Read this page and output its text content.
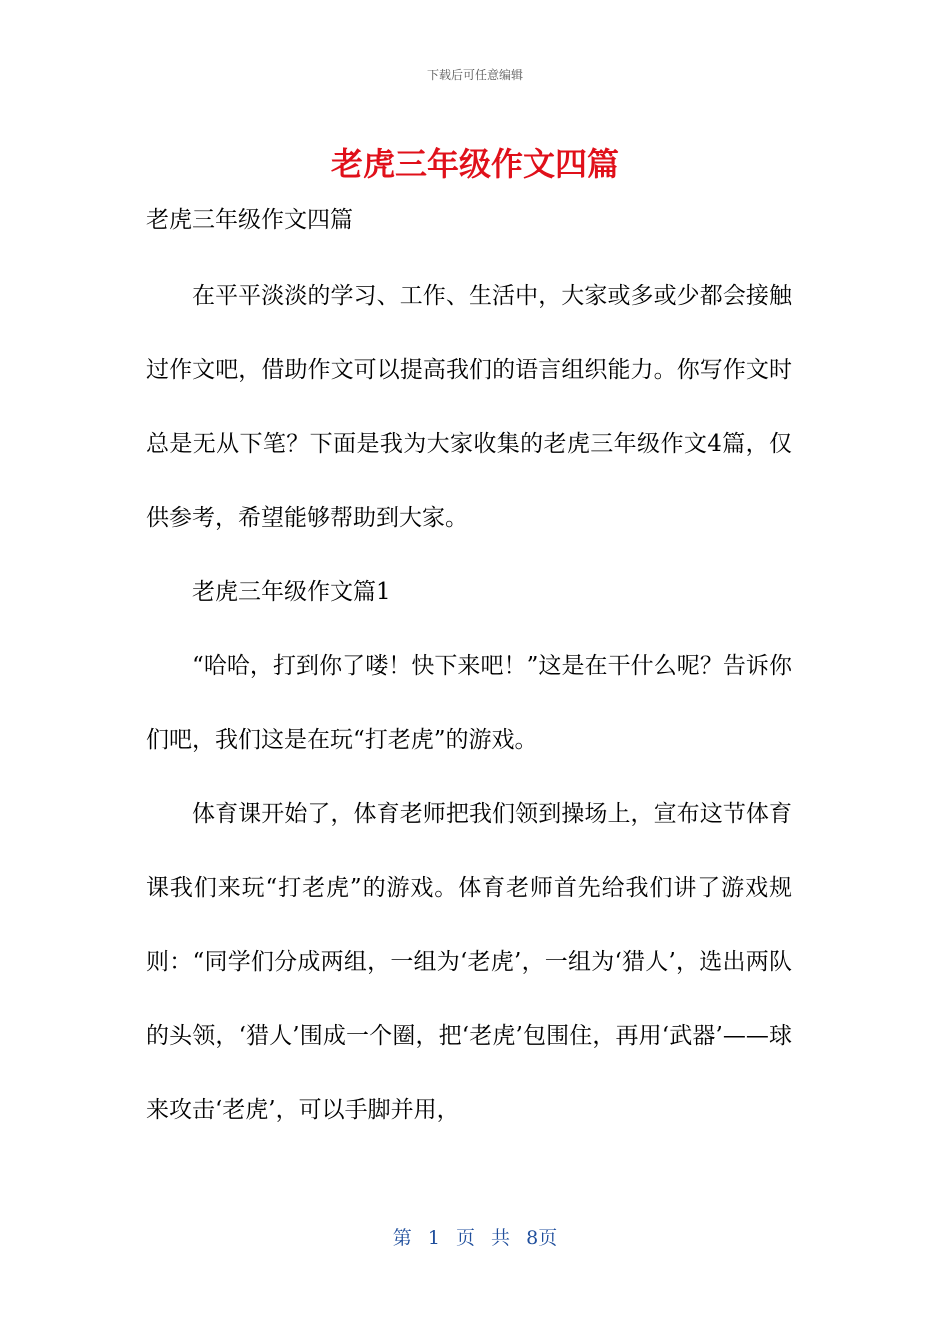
下载后可任意编辑
老虎三年级作文四篇
老虎三年级作文四篇

在平平淡淡的学习、工作、生活中，大家或多或少都会接触过作文吧，借助作文可以提高我们的语言组织能力。你写作文时总是无从下笔？下面是我为大家收集的老虎三年级作文4篇，仅供参考，希望能够帮助到大家。

老虎三年级作文篇1

“哈哈，打到你了喽！快下来吧！”这是在干什么呢？告诉你们吧，我们这是在玩“打老虎”的游戏。

体育课开始了，体育老师把我们领到操场上，宣布这节体育课我们来玩“打老虎”的游戏。体育老师首先给我们讲了游戏规则：“同学们分成两组，一组为‘老虎’，一组为‘猎人’，选出两队的头领，‘猎人’围成一个圈，把‘老虎’包围住，再用‘武器’——球来攻击‘老虎’，可以手脚并用，

第 1 页 共 8页
